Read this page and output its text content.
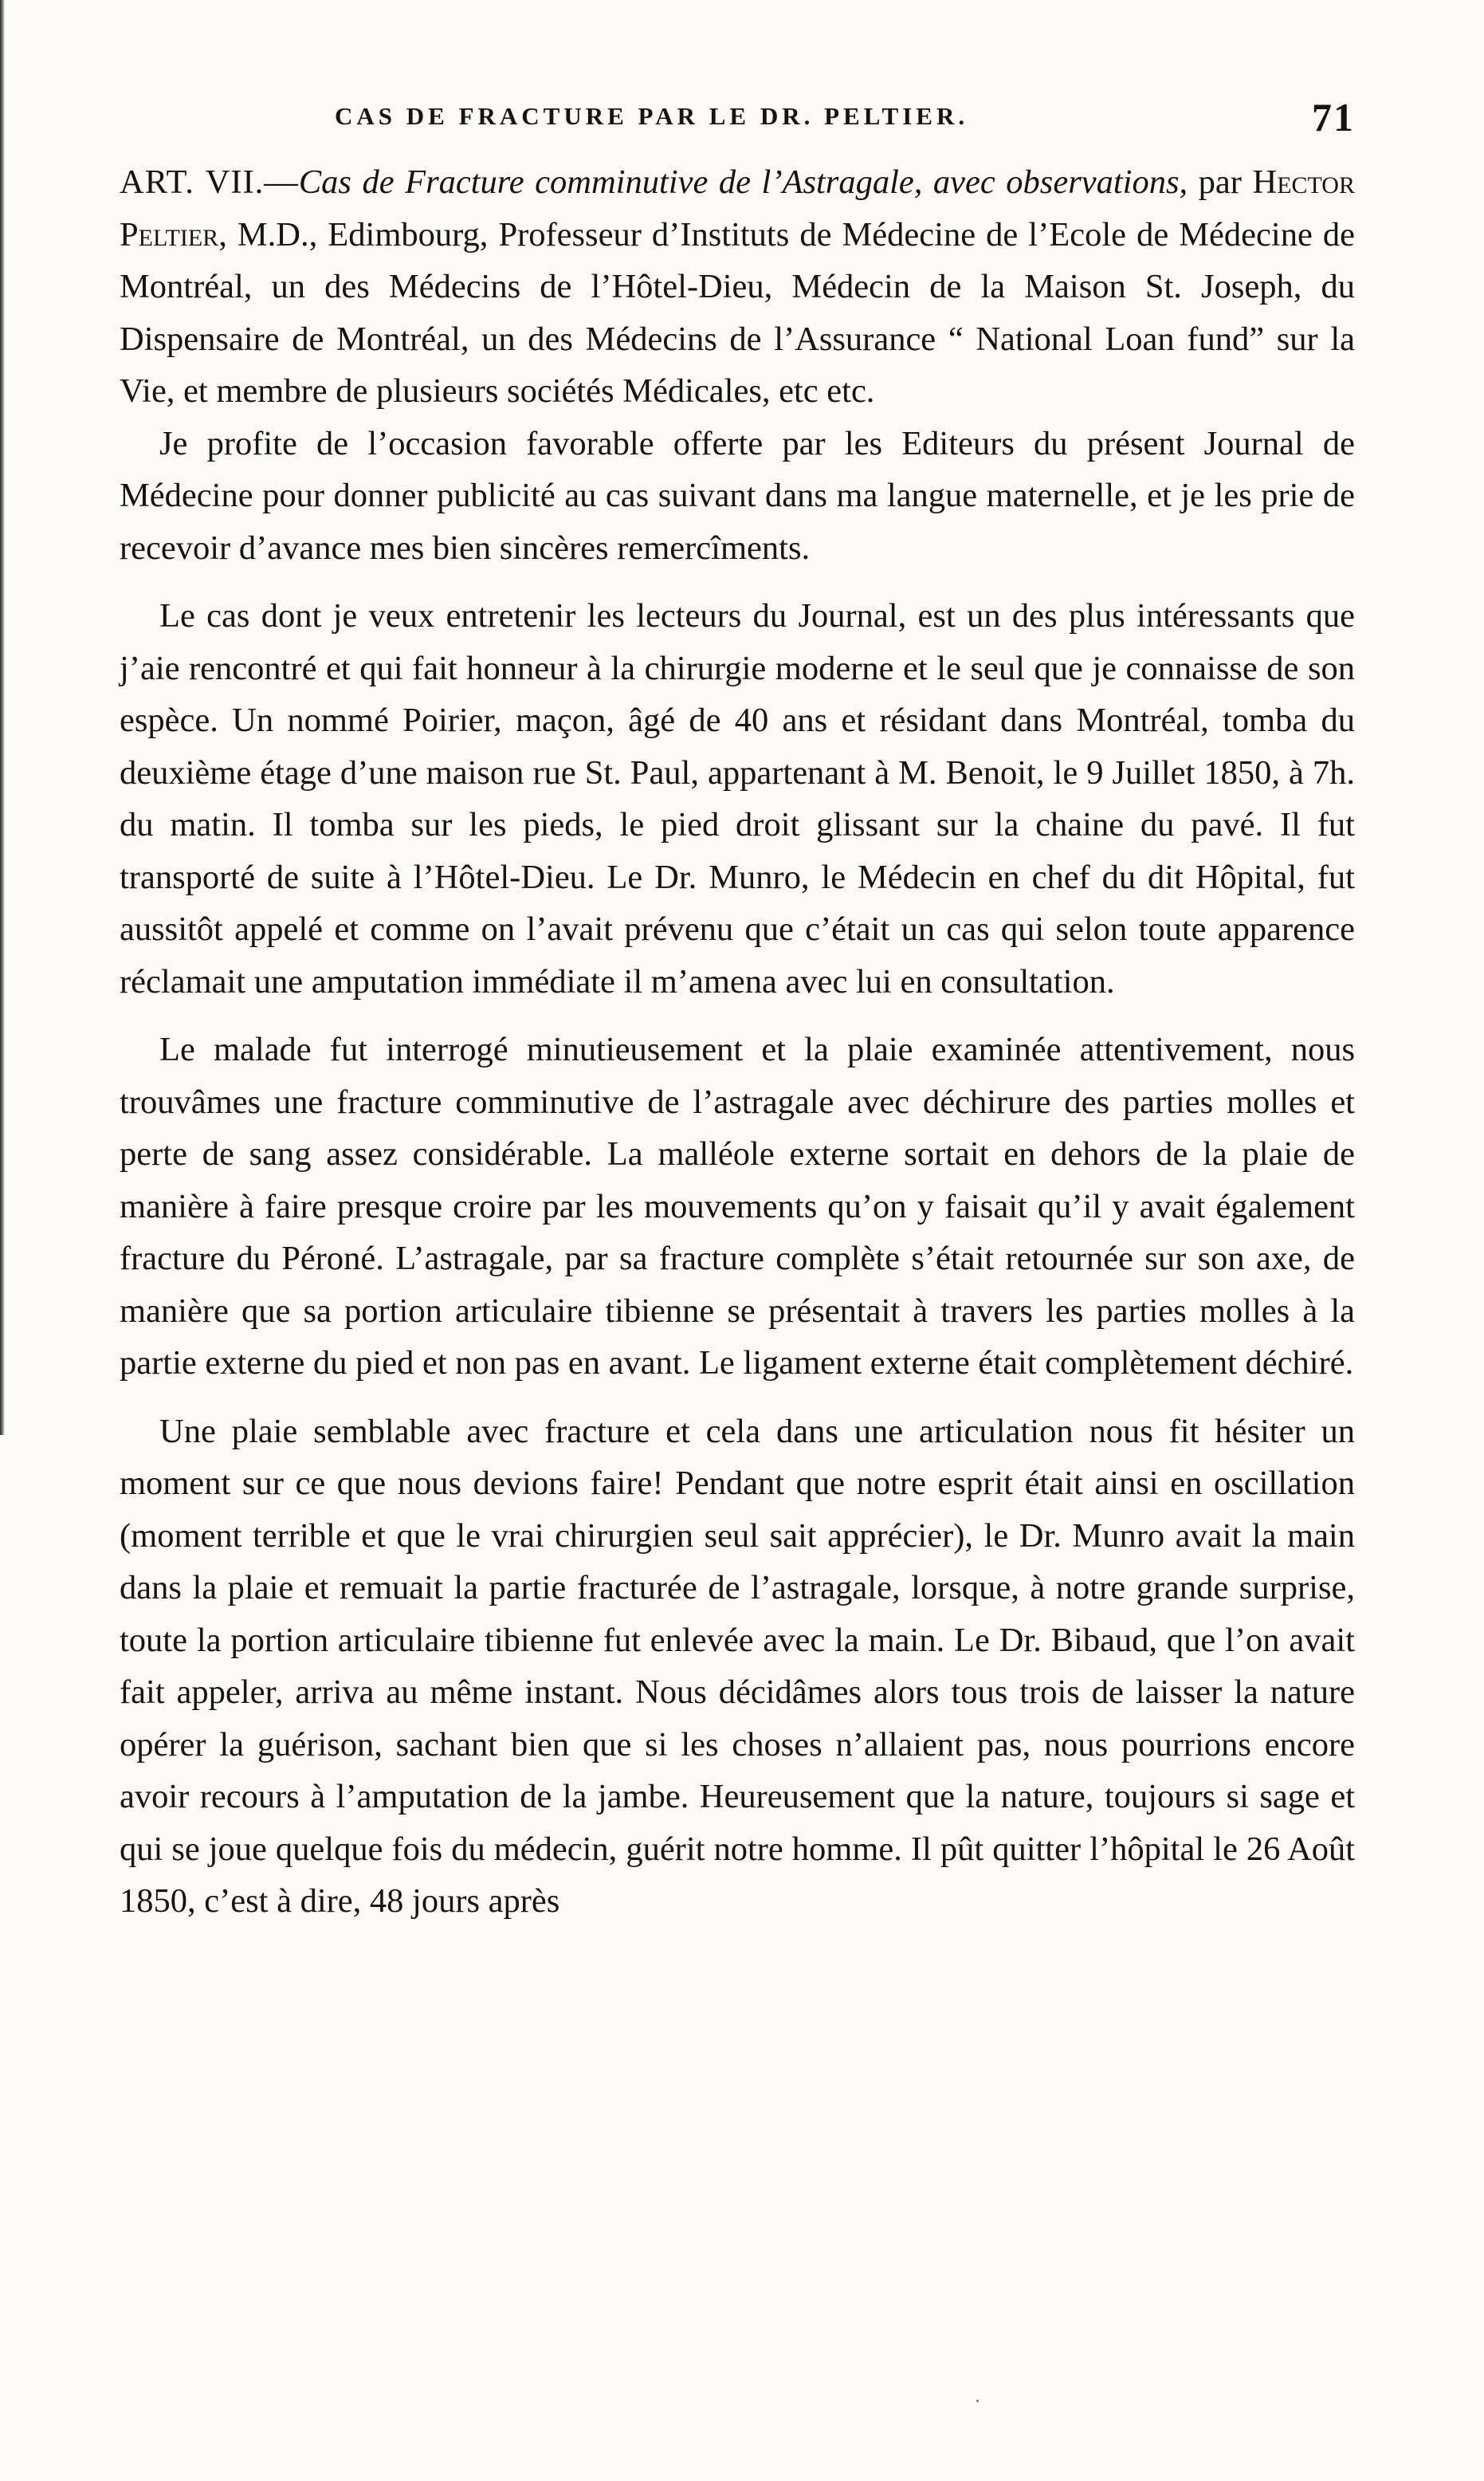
CAS DE FRACTURE PAR LE DR. PELTIER.	71

ART. VII.—Cas de Fracture comminutive de l’Astragale, avec observations, par Hector Peltier, M.D., Edimbourg, Professeur d’Instituts de Médecine de l’Ecole de Médecine de Montréal, un des Médecins de l’Hôtel-Dieu, Médecin de la Maison St. Joseph, du Dispensaire de Montréal, un des Médecins de l’Assurance “ National Loan fund” sur la Vie, et membre de plusieurs sociétés Médicales, etc etc.

Je profite de l’occasion favorable offerte par les Editeurs du présent Journal de Médecine pour donner publicité au cas suivant dans ma langue maternelle, et je les prie de recevoir d’avance mes bien sincères remercîments.

Le cas dont je veux entretenir les lecteurs du Journal, est un des plus intéressants que j’aie rencontré et qui fait honneur à la chirurgie moderne et le seul que je connaisse de son espèce. Un nommé Poirier, maçon, âgé de 40 ans et résidant dans Montréal, tomba du deuxième étage d’une maison rue St. Paul, appartenant à M. Benoit, le 9 Juillet 1850, à 7h. du matin. Il tomba sur les pieds, le pied droit glissant sur la chaine du pavé. Il fut transporté de suite à l’Hôtel-Dieu. Le Dr. Munro, le Médecin en chef du dit Hôpital, fut aussitôt appelé et comme on l’avait prévenu que c’était un cas qui selon toute apparence réclamait une amputation immédiate il m’amena avec lui en consultation.

Le malade fut interrogé minutieusement et la plaie examinée attentivement, nous trouvâmes une fracture comminutive de l’astragale avec déchirure des parties molles et perte de sang assez considérable. La malléole externe sortait en dehors de la plaie de manière à faire presque croire par les mouvements qu’on y faisait qu’il y avait également fracture du Péroné. L’astragale, par sa fracture complète s’était retournée sur son axe, de manière que sa portion articulaire tibienne se présentait à travers les parties molles à la partie externe du pied et non pas en avant. Le ligament externe était complètement déchiré.

Une plaie semblable avec fracture et cela dans une articulation nous fit hésiter un moment sur ce que nous devions faire! Pendant que notre esprit était ainsi en oscillation (moment terrible et que le vrai chirurgien seul sait apprécier), le Dr. Munro avait la main dans la plaie et remuait la partie fracturée de l’astragale, lorsque, à notre grande surprise, toute la portion articulaire tibienne fut enlevée avec la main. Le Dr. Bibaud, que l’on avait fait appeler, arriva au même instant. Nous décidâmes alors tous trois de laisser la nature opérer la guérison, sachant bien que si les choses n’allaient pas, nous pourrions encore avoir recours à l’amputation de la jambe. Heureusement que la nature, toujours si sage et qui se joue quelque fois du médecin, guérit notre homme. Il pût quitter l’hôpital le 26 Août 1850, c’est à dire, 48 jours après
